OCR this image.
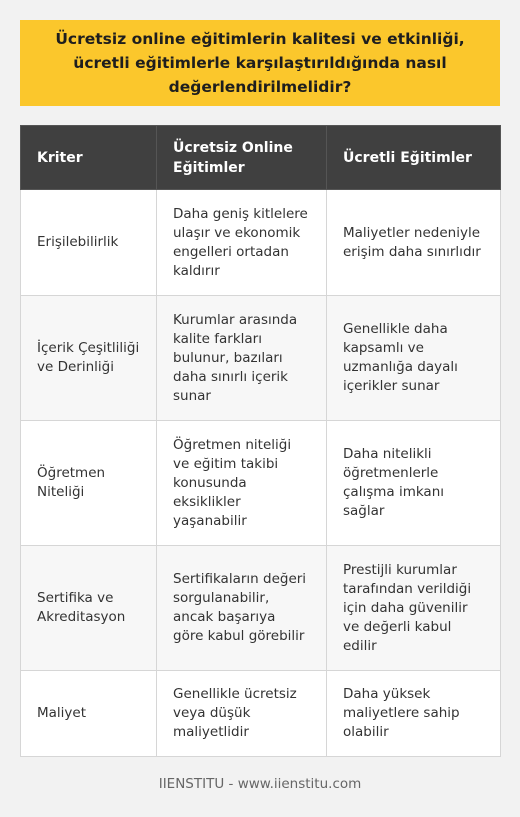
Ücretsiz online eğitimlerin kalitesi ve etkinliği, ücretli eğitimlerle karşılaştırıldığında nasıl değerlendirilmelidir?
Kriter	Ücretsiz Online Eğitimler	Ücretli Eğitimler
Erişilebilirlik	Daha geniş kitlelere ulaşır ve ekonomik engelleri ortadan kaldırır	Maliyetler nedeniyle erişim daha sınırlıdır
İçerik Çeşitliliği ve Derinliği	Kurumlar arasında kalite farkları bulunur, bazıları daha sınırlı içerik sunar	Genellikle daha kapsamlı ve uzmanlığa dayalı içerikler sunar
Öğretmen Niteliği	Öğretmen niteliği ve eğitim takibi konusunda eksiklikler yaşanabilir	Daha nitelikli öğretmenlerle çalışma imkanı sağlar
Sertifika ve Akreditasyon	Sertifikaların değeri sorgulanabilir, ancak başarıya göre kabul görebilir	Prestijli kurumlar tarafından verildiği için daha güvenilir ve değerli kabul edilir
Maliyet	Genellikle ücretsiz veya düşük maliyetlidir	Daha yüksek maliyetlere sahip olabilir
IIENSTITU - www.iienstitu.com
